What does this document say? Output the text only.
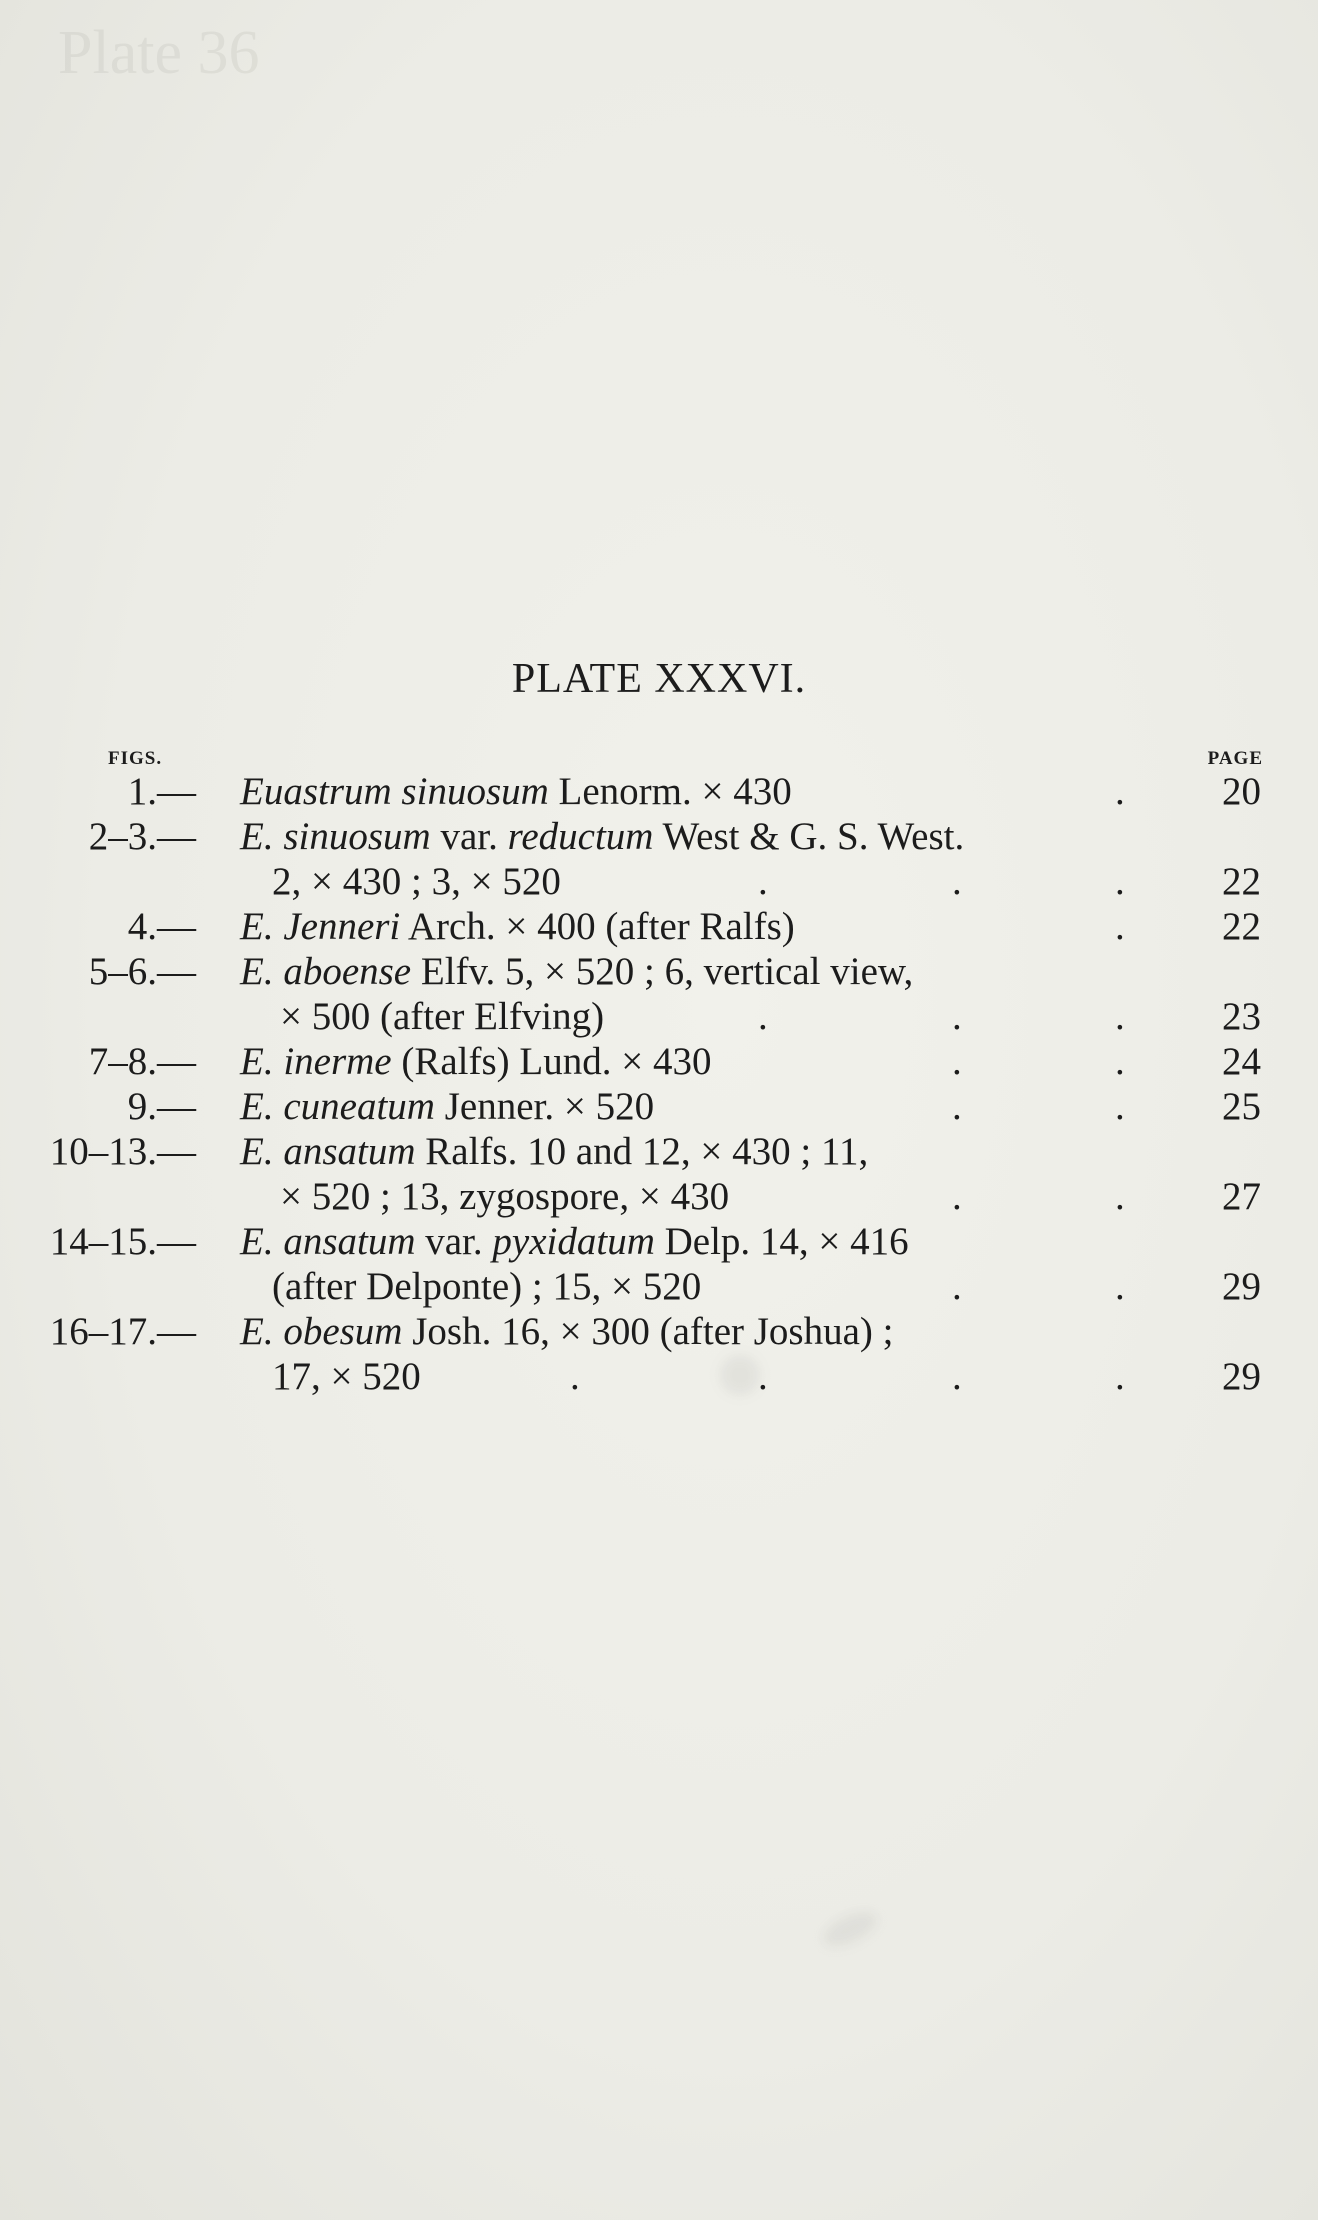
Plate 36
PLATE XXXVI.
FIGS.	PAGE
1.— Euastrum sinuosum Lenorm. × 430	. 20
2–3.— E. sinuosum var. reductum West & G. S. West.
2, × 430 ; 3, × 520	.	.	. 22
4.— E. Jenneri Arch. × 400 (after Ralfs)	. 22
5–6.— E. aboense Elfv. 5, × 520 ; 6, vertical view,
× 500 (after Elfving)	.	.	. 23
7–8.— E. inerme (Ralfs) Lund. × 430	.	. 24
9.— E. cuneatum Jenner. × 520	.	. 25
10–13.— E. ansatum Ralfs. 10 and 12, × 430 ; 11,
× 520 ; 13, zygospore, × 430	.	. 27
14–15.— E. ansatum var. pyxidatum Delp. 14, × 416
(after Delponte) ; 15, × 520	.	. 29
16–17.— E. obesum Josh. 16, × 300 (after Joshua) ;
17, × 520	.	.	.	. 29
